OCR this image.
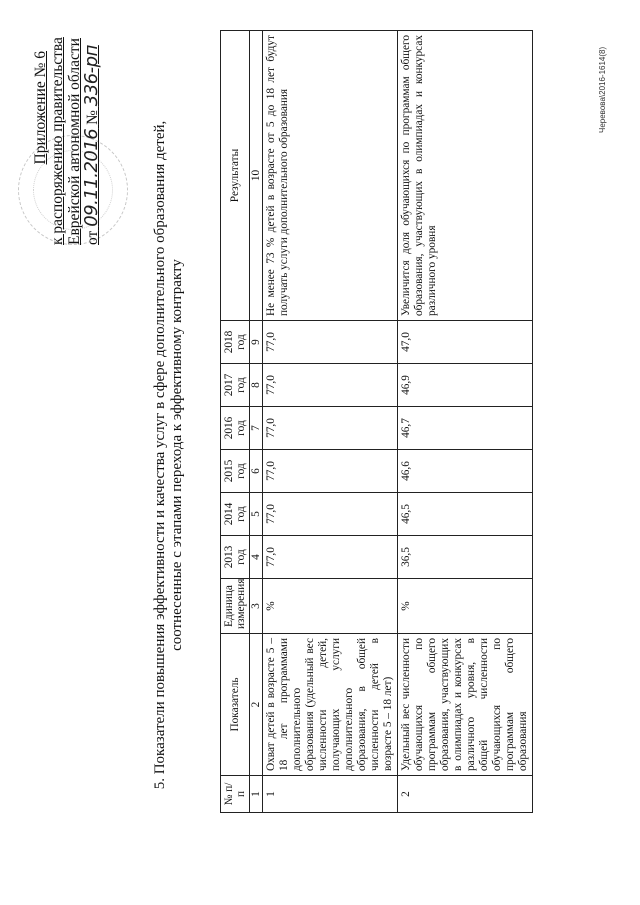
Приложение № 6 к распоряжению правительства Еврейской автономной области от 09.11.2016 № 336-рп
5. Показатели повышения эффективности и качества услуг в сфере дополнительного образования детей, соотнесенные с этапами перехода к эффективному контракту
№ п/п	Показатель	Единица измерения	2013 год	2014 год	2015 год	2016 год	2017 год	2018 год	Результаты
1	2	3	4	5	6	7	8	9	10
1	Охват детей в возрасте 5 – 18 лет программами дополнительного образования (удельный вес численности детей, получающих услуги дополнительного образования, в общей численности детей в возрасте 5 – 18 лет)	%	77,0	77,0	77,0	77,0	77,0	77,0	Не менее 73 % детей в возрасте от 5 до 18 лет будут получать услуги дополнительного образования
2	Удельный вес численности обучающихся по программам общего образования, участвующих в олимпиадах и конкурсах различного уровня, в общей численности обучающихся по программам общего образования	%	36,5	46,5	46,6	46,7	46,9	47,0	Увеличится доля обучающихся по программам общего образования, участвующих в олимпиадах и конкурсах различного уровня
Черевова\2016-1614(8)
